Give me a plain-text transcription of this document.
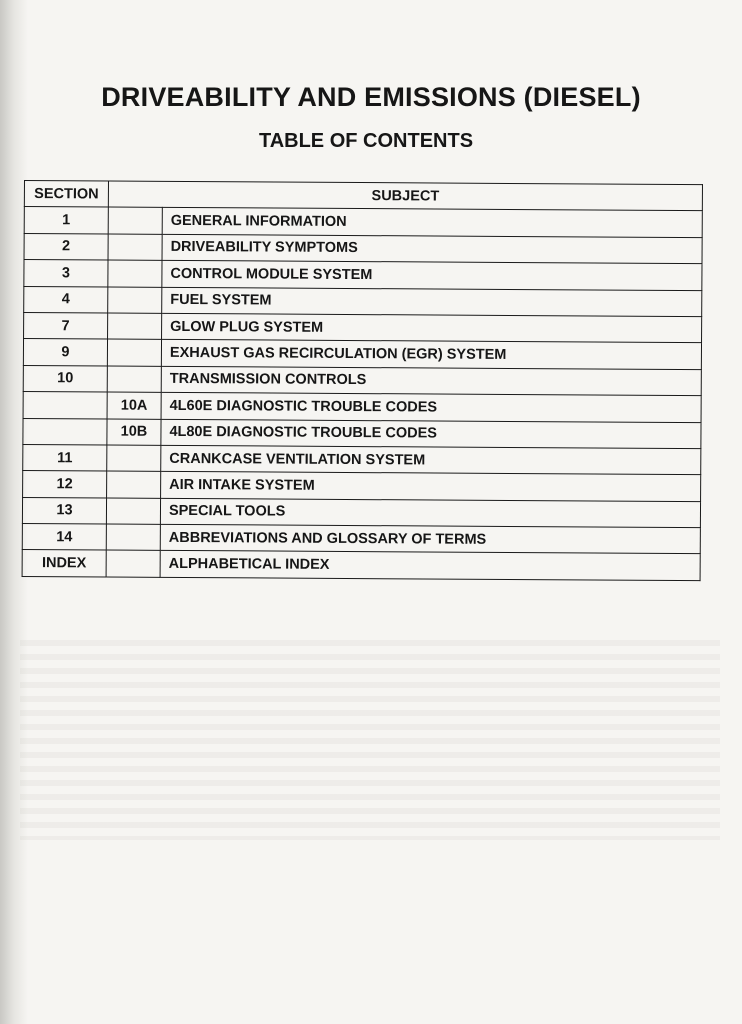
DRIVEABILITY AND EMISSIONS (DIESEL)
TABLE OF CONTENTS
SECTION	SUBJECT	
1		GENERAL INFORMATION
2		DRIVEABILITY SYMPTOMS
3		CONTROL MODULE SYSTEM
4		FUEL SYSTEM
7		GLOW PLUG SYSTEM
9		EXHAUST GAS RECIRCULATION (EGR) SYSTEM
10		TRANSMISSION CONTROLS
	10A	4L60E DIAGNOSTIC TROUBLE CODES
	10B	4L80E DIAGNOSTIC TROUBLE CODES
11		CRANKCASE VENTILATION SYSTEM
12		AIR INTAKE SYSTEM
13		SPECIAL TOOLS
14		ABBREVIATIONS AND GLOSSARY OF TERMS
INDEX		ALPHABETICAL INDEX
